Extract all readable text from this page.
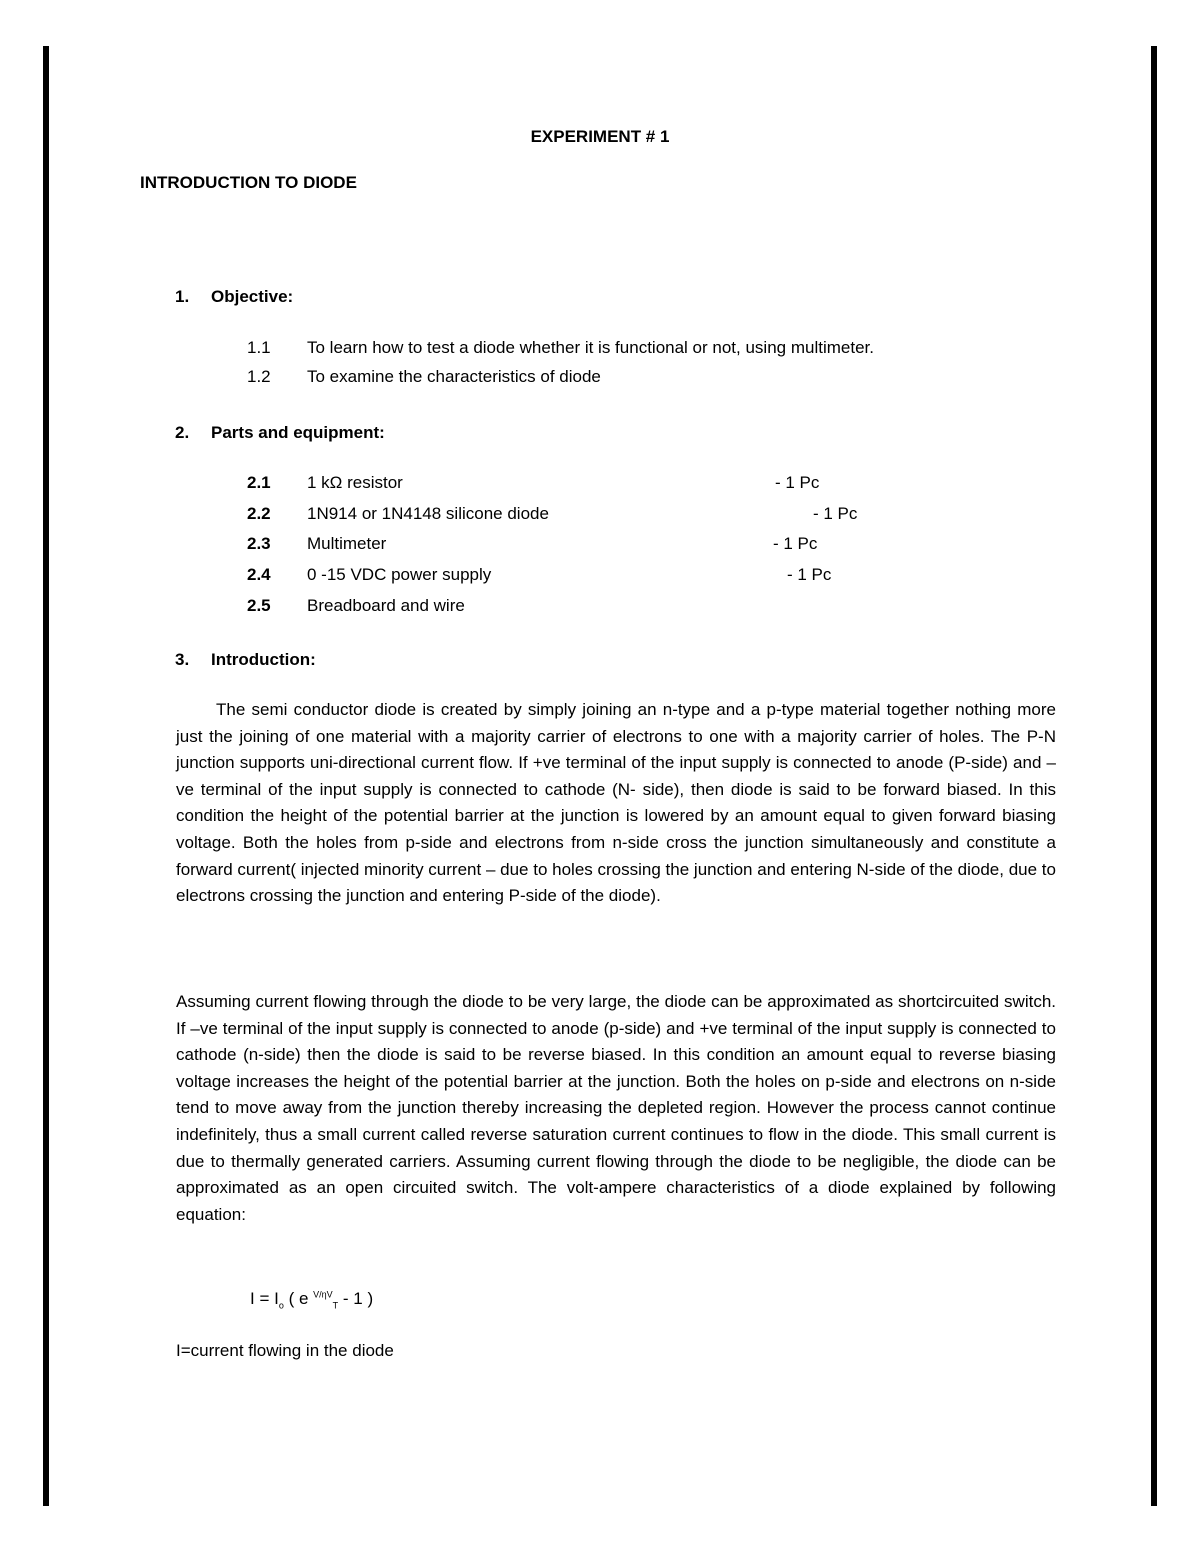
EXPERIMENT # 1
INTRODUCTION TO DIODE
1. Objective:
1.1 To learn how to test a diode whether it is functional or not, using multimeter.
1.2 To examine the characteristics of diode
2. Parts and equipment:
2.1 1 kΩ resistor	- 1 Pc
2.2 1N914 or 1N4148 silicone diode	- 1 Pc
2.3 Multimeter	- 1 Pc
2.4 0 -15 VDC power supply	- 1 Pc
2.5 Breadboard and wire
3. Introduction:
The semi conductor diode is created by simply joining an n-type and a p-type material together nothing more just the joining of one material with a majority carrier of electrons to one with a majority carrier of holes. The P-N junction supports uni-directional current flow. If +ve terminal of the input supply is connected to anode (P-side) and –ve terminal of the input supply is connected to cathode (N- side), then diode is said to be forward biased. In this condition the height of the potential barrier at the junction is lowered by an amount equal to given forward biasing voltage. Both the holes from p-side and electrons from n-side cross the junction simultaneously and constitute a forward current( injected minority current – due to holes crossing the junction and entering N-side of the diode, due to electrons crossing the junction and entering P-side of the diode).
Assuming current flowing through the diode to be very large, the diode can be approximated as shortcircuited switch. If –ve terminal of the input supply is connected to anode (p-side) and +ve terminal of the input supply is connected to cathode (n-side) then the diode is said to be reverse biased. In this condition an amount equal to reverse biasing voltage increases the height of the potential barrier at the junction. Both the holes on p-side and electrons on n-side tend to move away from the junction thereby increasing the depleted region. However the process cannot continue indefinitely, thus a small current called reverse saturation current continues to flow in the diode. This small current is due to thermally generated carriers. Assuming current flowing through the diode to be negligible, the diode can be approximated as an open circuited switch. The volt-ampere characteristics of a diode explained by following equation:
$I = I_o$ ( e $^{V/\eta V}_T$ - 1 )
I=current flowing in the diode
